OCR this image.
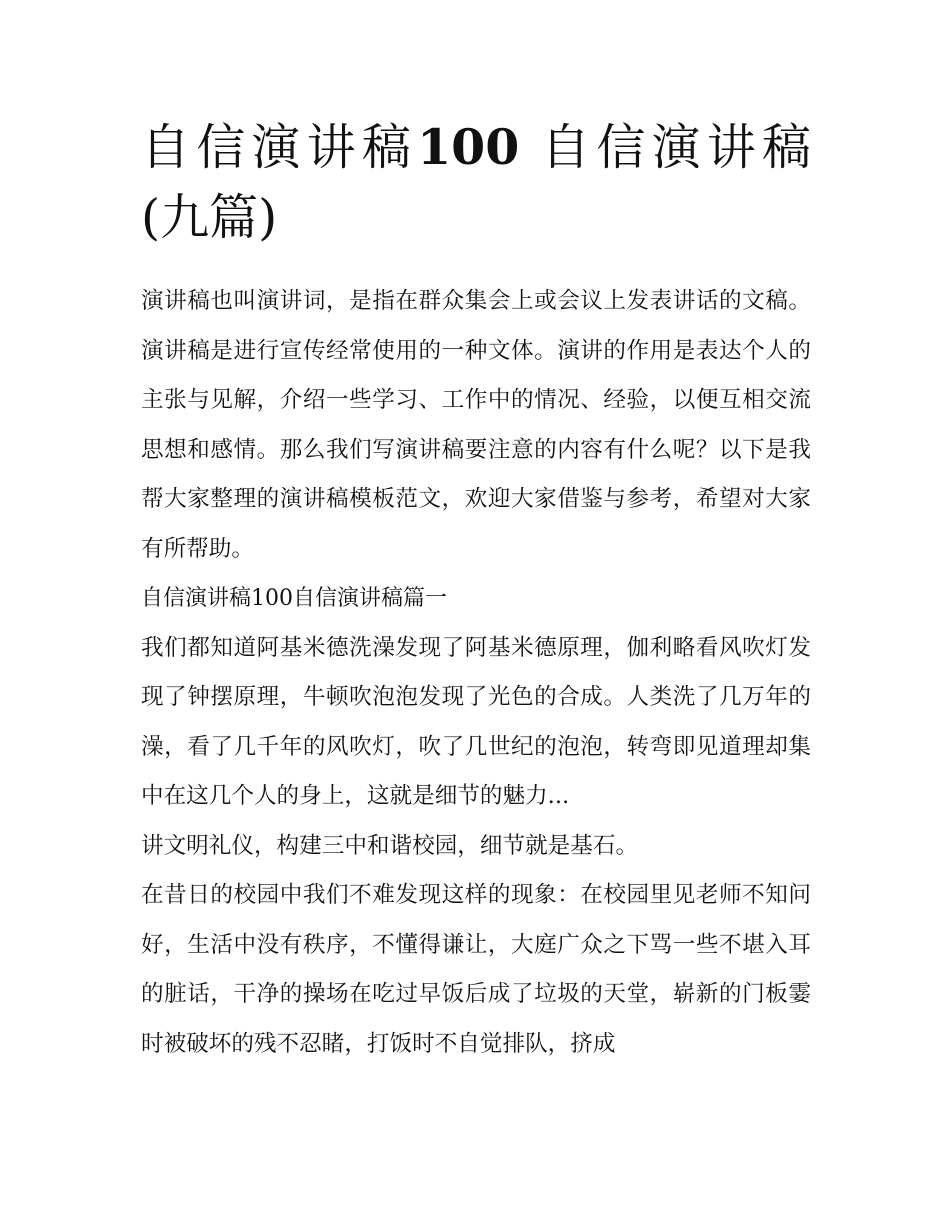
自信演讲稿100 自信演讲稿(九篇)

演讲稿也叫演讲词，是指在群众集会上或会议上发表讲话的文稿。演讲稿是进行宣传经常使用的一种文体。演讲的作用是表达个人的主张与见解，介绍一些学习、工作中的情况、经验，以便互相交流思想和感情。那么我们写演讲稿要注意的内容有什么呢？以下是我帮大家整理的演讲稿模板范文，欢迎大家借鉴与参考，希望对大家有所帮助。

自信演讲稿100自信演讲稿篇一

我们都知道阿基米德洗澡发现了阿基米德原理，伽利略看风吹灯发现了钟摆原理，牛顿吹泡泡发现了光色的合成。人类洗了几万年的澡，看了几千年的风吹灯，吹了几世纪的泡泡，转弯即见道理却集中在这几个人的身上，这就是细节的魅力...

讲文明礼仪，构建三中和谐校园，细节就是基石。

在昔日的校园中我们不难发现这样的现象：在校园里见老师不知问好，生活中没有秩序，不懂得谦让，大庭广众之下骂一些不堪入耳的脏话，干净的操场在吃过早饭后成了垃圾的天堂，崭新的门板霎时被破坏的残不忍睹，打饭时不自觉排队，挤成
